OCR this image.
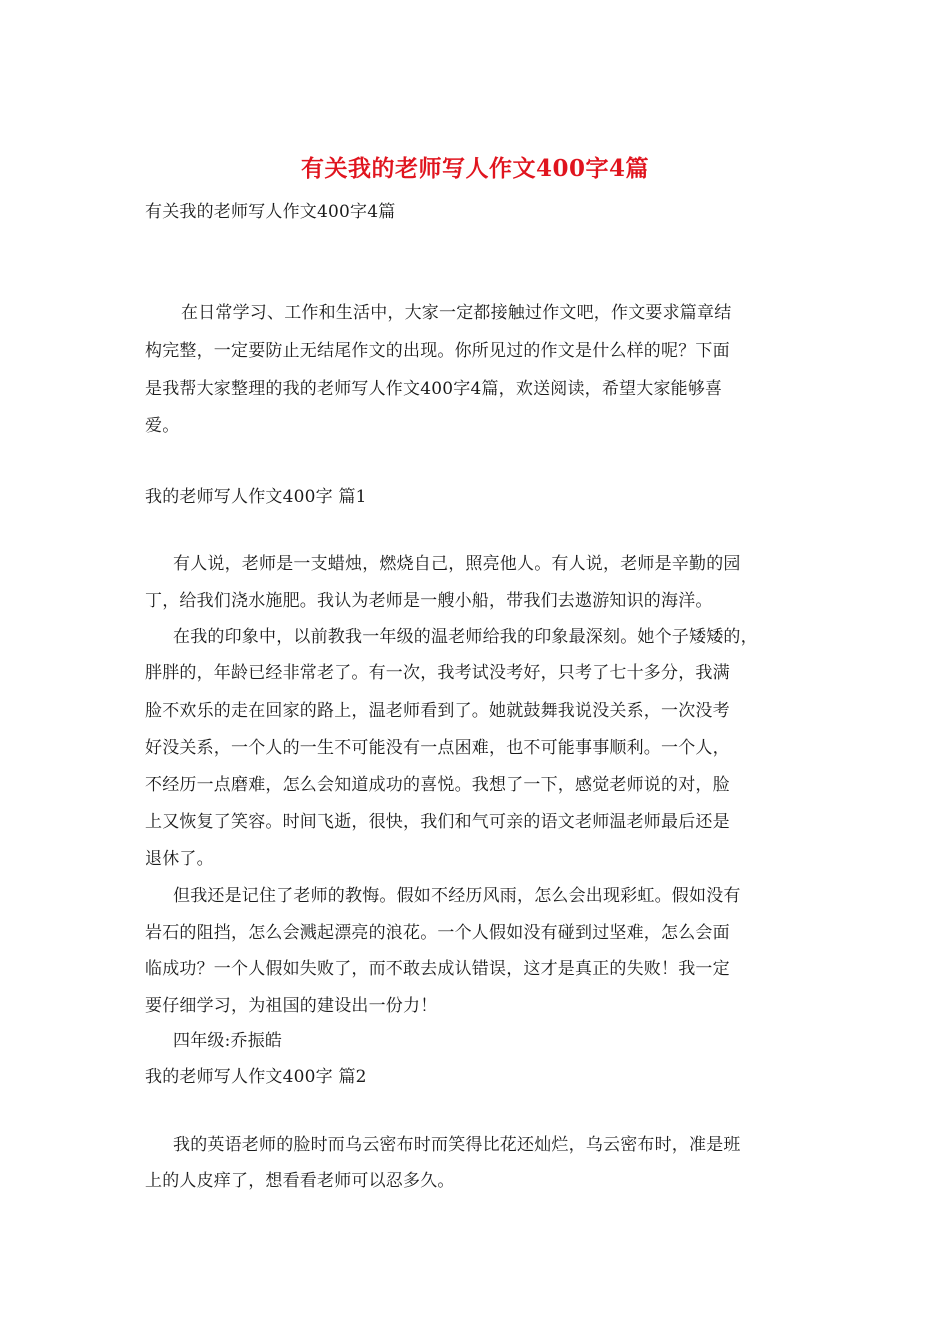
有关我的老师写人作文400字4篇
有关我的老师写人作文400字4篇
在日常学习、工作和生活中，大家一定都接触过作文吧，作文要求篇章结
构完整，一定要防止无结尾作文的出现。你所见过的作文是什么样的呢？下面
是我帮大家整理的我的老师写人作文400字4篇，欢送阅读，希望大家能够喜
爱。
我的老师写人作文400字 篇1
有人说，老师是一支蜡烛，燃烧自己，照亮他人。有人说，老师是辛勤的园
丁，给我们浇水施肥。我认为老师是一艘小船，带我们去遨游知识的海洋。
在我的印象中，以前教我一年级的温老师给我的印象最深刻。她个子矮矮的，
胖胖的，年龄已经非常老了。有一次，我考试没考好，只考了七十多分，我满
脸不欢乐的走在回家的路上，温老师看到了。她就鼓舞我说没关系，一次没考
好没关系，一个人的一生不可能没有一点困难，也不可能事事顺利。一个人，
不经历一点磨难，怎么会知道成功的喜悦。我想了一下，感觉老师说的对，脸
上又恢复了笑容。时间飞逝，很快，我们和气可亲的语文老师温老师最后还是
退休了。
但我还是记住了老师的教悔。假如不经历风雨，怎么会出现彩虹。假如没有
岩石的阻挡，怎么会溅起漂亮的浪花。一个人假如没有碰到过坚难，怎么会面
临成功？一个人假如失败了，而不敢去成认错误，这才是真正的失败！我一定
要仔细学习，为祖国的建设出一份力！
四年级:乔振皓
我的老师写人作文400字 篇2
我的英语老师的脸时而乌云密布时而笑得比花还灿烂，乌云密布时，准是班
上的人皮痒了，想看看老师可以忍多久。
